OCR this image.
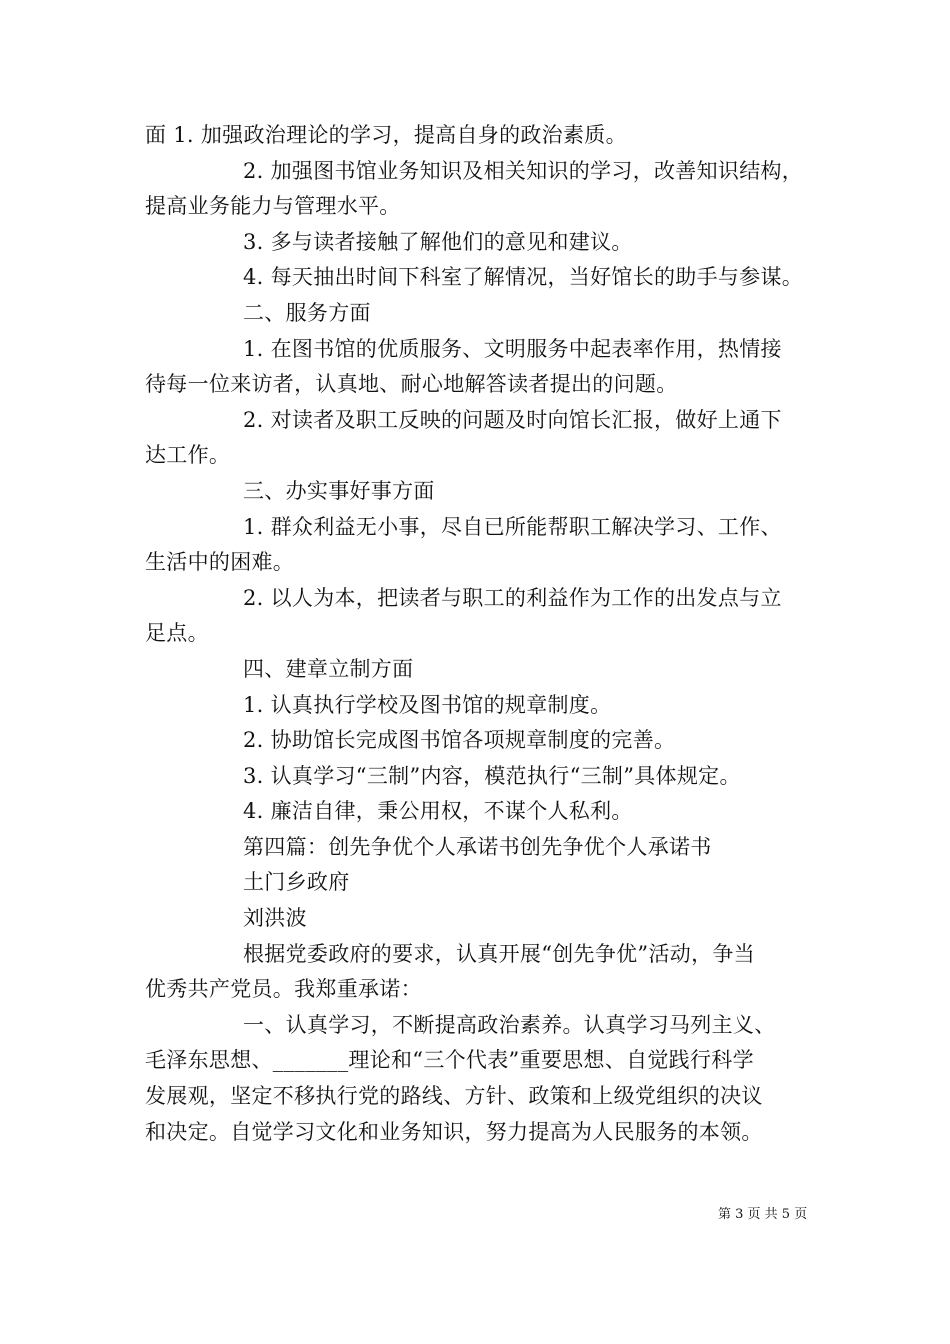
面 1. 加强政治理论的学习，提高自身的政治素质。
2. 加强图书馆业务知识及相关知识的学习，改善知识结构，
提高业务能力与管理水平。
3. 多与读者接触了解他们的意见和建议。
4. 每天抽出时间下科室了解情况，当好馆长的助手与参谋。
二、服务方面
1. 在图书馆的优质服务、文明服务中起表率作用，热情接
待每一位来访者，认真地、耐心地解答读者提出的问题。
2. 对读者及职工反映的问题及时向馆长汇报，做好上通下
达工作。
三、办实事好事方面
1. 群众利益无小事，尽自已所能帮职工解决学习、工作、
生活中的困难。
2. 以人为本，把读者与职工的利益作为工作的出发点与立
足点。
四、建章立制方面
1. 认真执行学校及图书馆的规章制度。
2. 协助馆长完成图书馆各项规章制度的完善。
3. 认真学习“三制”内容，模范执行“三制”具体规定。
4. 廉洁自律，秉公用权，不谋个人私利。
第四篇：创先争优个人承诺书创先争优个人承诺书
土门乡政府
刘洪波
根据党委政府的要求，认真开展“创先争优”活动，争当
优秀共产党员。我郑重承诺：
一、认真学习，不断提高政治素养。认真学习马列主义、
毛泽东思想、_______理论和“三个代表”重要思想、自觉践行科学
发展观，坚定不移执行党的路线、方针、政策和上级党组织的决议
和决定。自觉学习文化和业务知识，努力提高为人民服务的本领。
第 3 页 共 5 页
